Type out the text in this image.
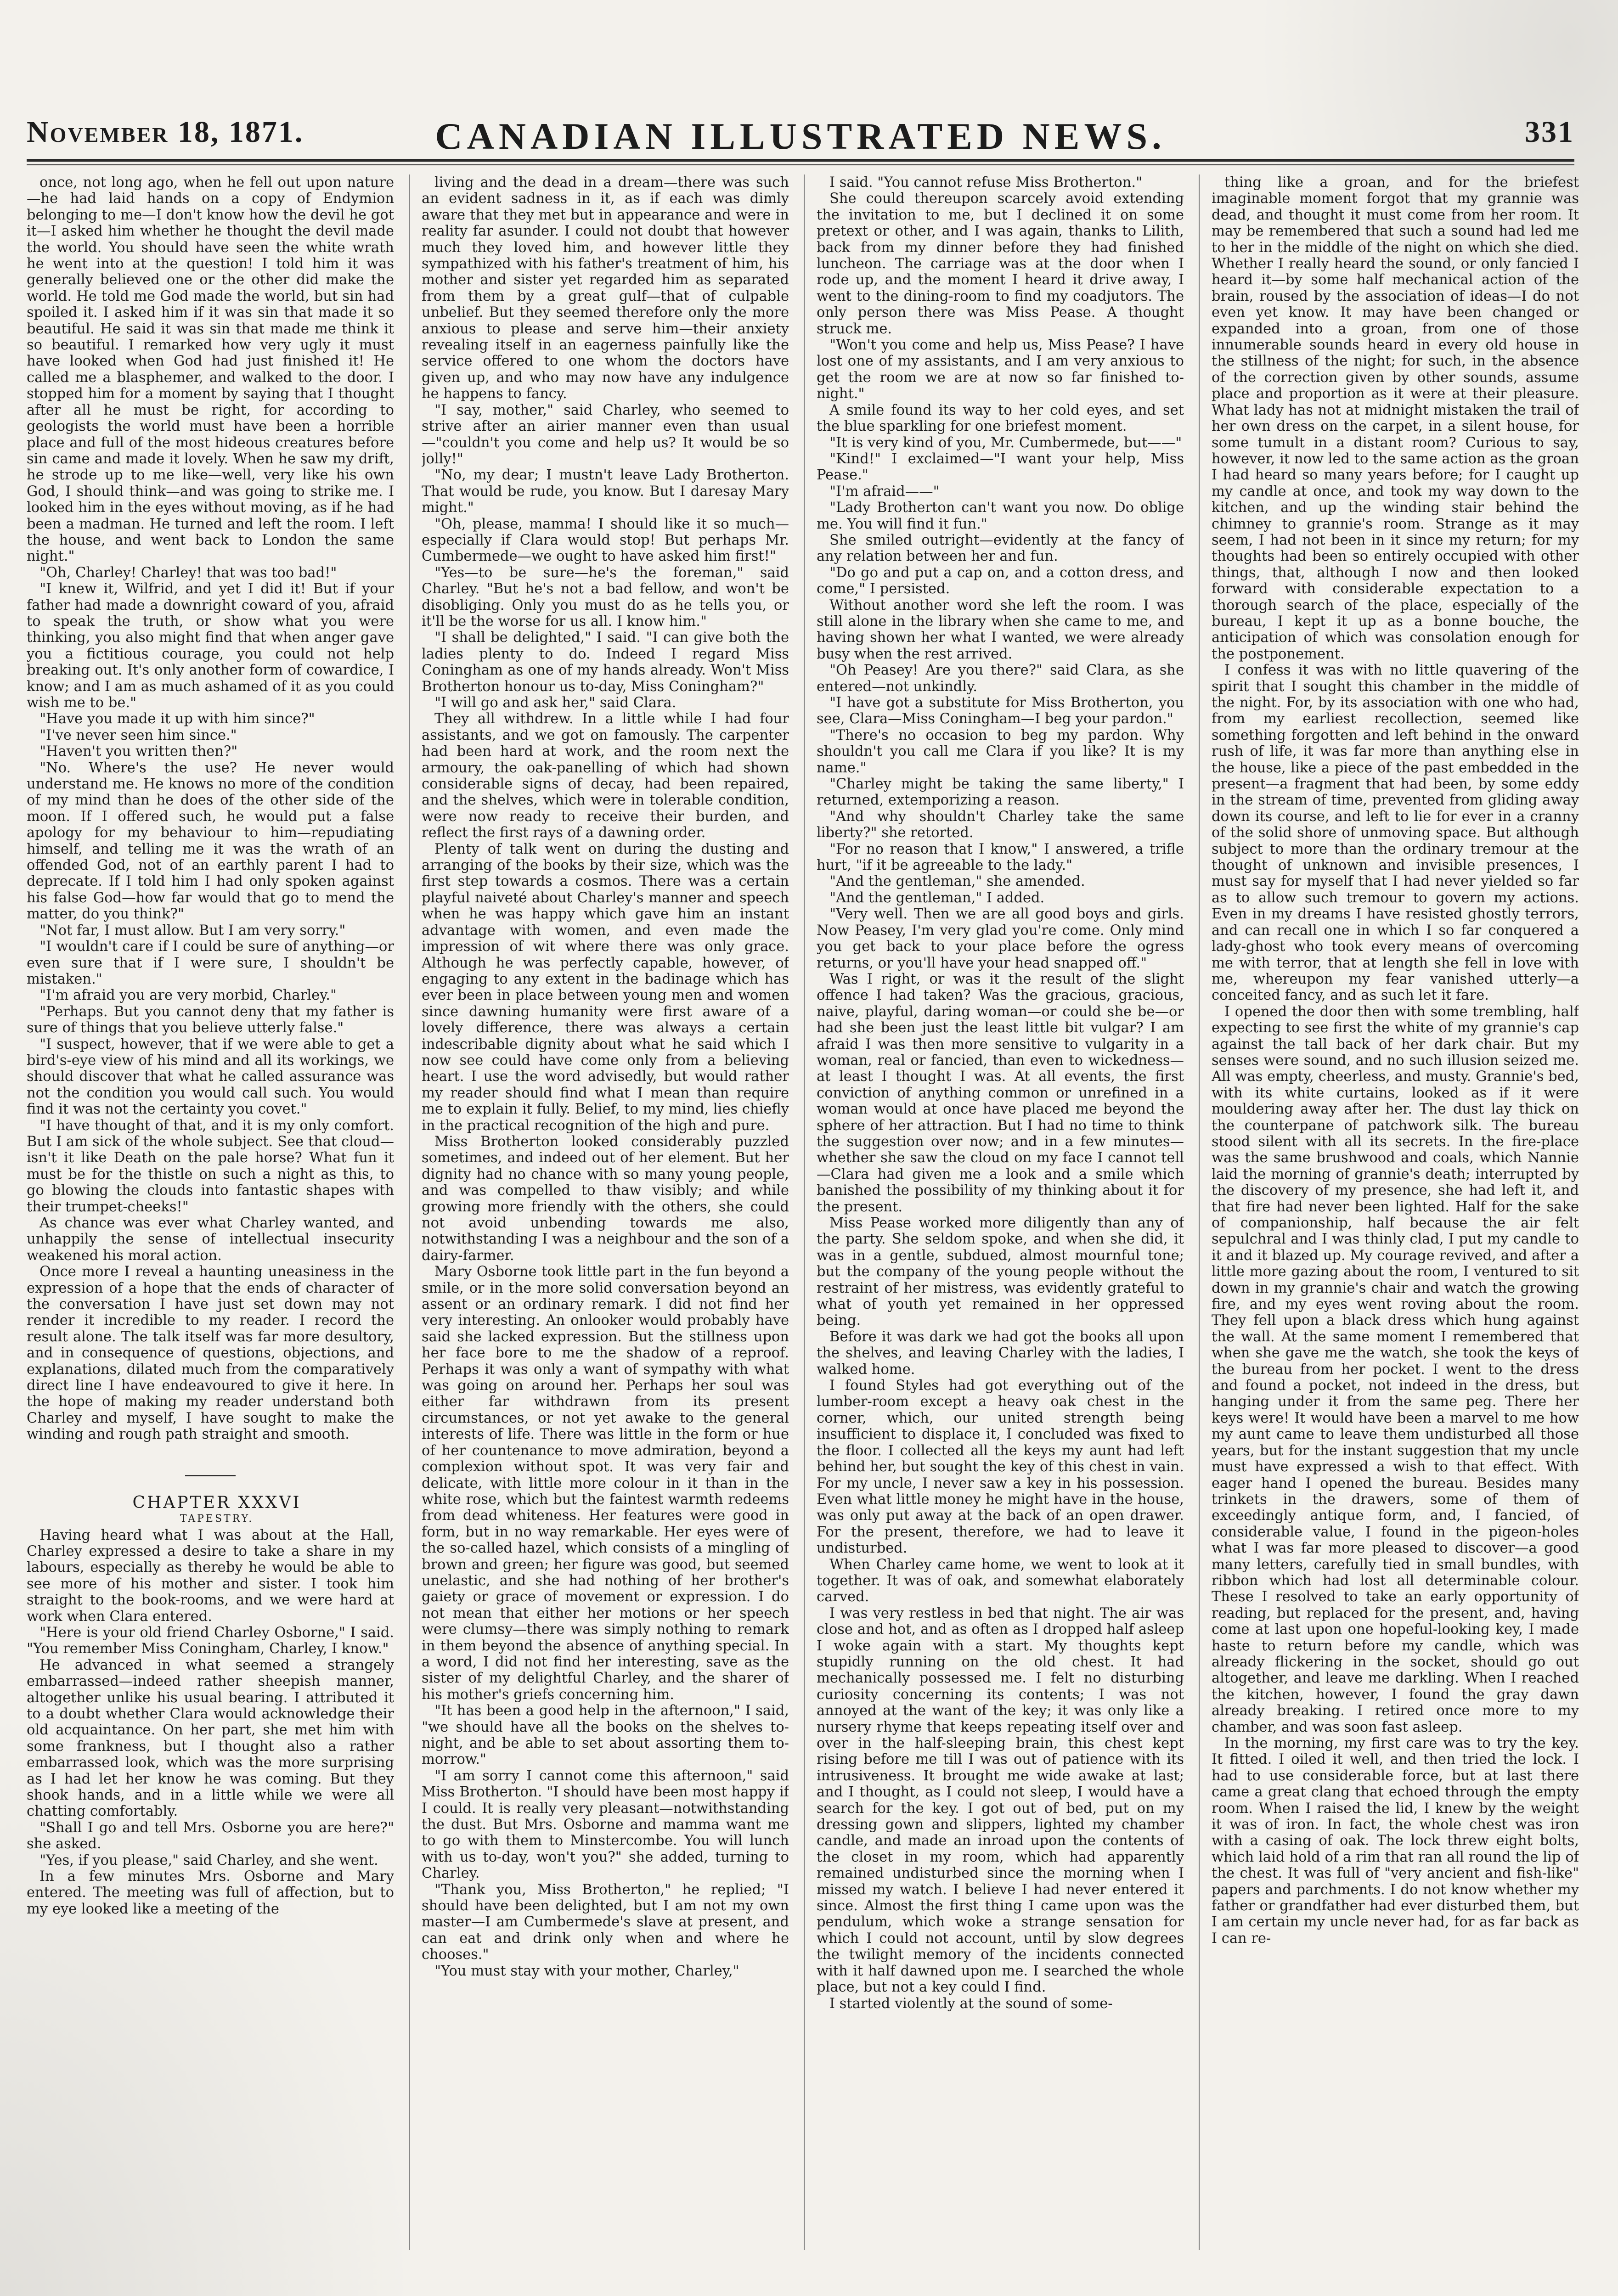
November 18, 1871.	CANADIAN ILLUSTRATED NEWS.	331

once, not long ago, when he fell out upon nature—he had laid hands on a copy of Endymion belonging to me—I don't know how the devil he got it—I asked him whether he thought the devil made the world. You should have seen the white wrath he went into at the question! I told him it was generally believed one or the other did make the world. He told me God made the world, but sin had spoiled it. I asked him if it was sin that made it so beautiful. He said it was sin that made me think it so beautiful. I remarked how very ugly it must have looked when God had just finished it! He called me a blasphemer, and walked to the door. I stopped him for a moment by saying that I thought after all he must be right, for according to geologists the world must have been a horrible place and full of the most hideous creatures before sin came and made it lovely. When he saw my drift, he strode up to me like—well, very like his own God, I should think—and was going to strike me. I looked him in the eyes without moving, as if he had been a madman. He turned and left the room. I left the house, and went back to London the same night."

"Oh, Charley! Charley! that was too bad!"

"I knew it, Wilfrid, and yet I did it! But if your father had made a downright coward of you, afraid to speak the truth, or show what you were thinking, you also might find that when anger gave you a fictitious courage, you could not help breaking out. It's only another form of cowardice, I know; and I am as much ashamed of it as you could wish me to be."

"Have you made it up with him since?"

"I've never seen him since."

"Haven't you written then?"

"No. Where's the use? He never would understand me. He knows no more of the condition of my mind than he does of the other side of the moon. If I offered such, he would put a false apology for my behaviour to him—repudiating himself, and telling me it was the wrath of an offended God, not of an earthly parent I had to deprecate. If I told him I had only spoken against his false God—how far would that go to mend the matter, do you think?"

"Not far, I must allow. But I am very sorry."

"I wouldn't care if I could be sure of anything—or even sure that if I were sure, I shouldn't be mistaken."

"I'm afraid you are very morbid, Charley."

"Perhaps. But you cannot deny that my father is sure of things that you believe utterly false."

"I suspect, however, that if we were able to get a bird's-eye view of his mind and all its workings, we should discover that what he called assurance was not the condition you would call such. You would find it was not the certainty you covet."

"I have thought of that, and it is my only comfort. But I am sick of the whole subject. See that cloud—isn't it like Death on the pale horse? What fun it must be for the thistle on such a night as this, to go blowing the clouds into fantastic shapes with their trumpet-cheeks!"

As chance was ever what Charley wanted, and unhappily the sense of intellectual insecurity weakened his moral action.

Once more I reveal a haunting uneasiness in the expression of a hope that the ends of character of the conversation I have just set down may not render it incredible to my reader. I record the result alone. The talk itself was far more desultory, and in consequence of questions, objections, and explanations, dilated much from the comparatively direct line I have endeavoured to give it here. In the hope of making my reader understand both Charley and myself, I have sought to make the winding and rough path straight and smooth.

CHAPTER XXXVI

TAPESTRY.

Having heard what I was about at the Hall, Charley expressed a desire to take a share in my labours, especially as thereby he would be able to see more of his mother and sister. I took him straight to the book-rooms, and we were hard at work when Clara entered.

"Here is your old friend Charley Osborne," I said. "You remember Miss Coningham, Charley, I know."

He advanced in what seemed a strangely embarrassed—indeed rather sheepish manner, altogether unlike his usual bearing. I attributed it to a doubt whether Clara would acknowledge their old acquaintance. On her part, she met him with some frankness, but I thought also a rather embarrassed look, which was the more surprising as I had let her know he was coming. But they shook hands, and in a little while we were all chatting comfortably.

"Shall I go and tell Mrs. Osborne you are here?" she asked.

"Yes, if you please," said Charley, and she went.

In a few minutes Mrs. Osborne and Mary entered. The meeting was full of affection, but to my eye looked like a meeting of the

living and the dead in a dream—there was such an evident sadness in it, as if each was dimly aware that they met but in appearance and were in reality far asunder. I could not doubt that however much they loved him, and however little they sympathized with his father's treatment of him, his mother and sister yet regarded him as separated from them by a great gulf—that of culpable unbelief. But they seemed therefore only the more anxious to please and serve him—their anxiety revealing itself in an eagerness painfully like the service offered to one whom the doctors have given up, and who may now have any indulgence he happens to fancy.

"I say, mother," said Charley, who seemed to strive after an airier manner even than usual—"couldn't you come and help us? It would be so jolly!"

"No, my dear; I mustn't leave Lady Brotherton. That would be rude, you know. But I daresay Mary might."

"Oh, please, mamma! I should like it so much—especially if Clara would stop! But perhaps Mr. Cumbermede—we ought to have asked him first!"

"Yes—to be sure—he's the foreman," said Charley. "But he's not a bad fellow, and won't be disobliging. Only you must do as he tells you, or it'll be the worse for us all. I know him."

"I shall be delighted," I said. "I can give both the ladies plenty to do. Indeed I regard Miss Coningham as one of my hands already. Won't Miss Brotherton honour us to-day, Miss Coningham?"

"I will go and ask her," said Clara.

They all withdrew. In a little while I had four assistants, and we got on famously. The carpenter had been hard at work, and the room next the armoury, the oak-panelling of which had shown considerable signs of decay, had been repaired, and the shelves, which were in tolerable condition, were now ready to receive their burden, and reflect the first rays of a dawning order.

Plenty of talk went on during the dusting and arranging of the books by their size, which was the first step towards a cosmos. There was a certain playful naiveté about Charley's manner and speech when he was happy which gave him an instant advantage with women, and even made the impression of wit where there was only grace. Although he was perfectly capable, however, of engaging to any extent in the badinage which has ever been in place between young men and women since dawning humanity were first aware of a lovely difference, there was always a certain indescribable dignity about what he said which I now see could have come only from a believing heart. I use the word advisedly, but would rather my reader should find what I mean than require me to explain it fully. Belief, to my mind, lies chiefly in the practical recognition of the high and pure.

Miss Brotherton looked considerably puzzled sometimes, and indeed out of her element. But her dignity had no chance with so many young people, and was compelled to thaw visibly; and while growing more friendly with the others, she could not avoid unbending towards me also, notwithstanding I was a neighbour and the son of a dairy-farmer.

Mary Osborne took little part in the fun beyond a smile, or in the more solid conversation beyond an assent or an ordinary remark. I did not find her very interesting. An onlooker would probably have said she lacked expression. But the stillness upon her face bore to me the shadow of a reproof. Perhaps it was only a want of sympathy with what was going on around her. Perhaps her soul was either far withdrawn from its present circumstances, or not yet awake to the general interests of life. There was little in the form or hue of her countenance to move admiration, beyond a complexion without spot. It was very fair and delicate, with little more colour in it than in the white rose, which but the faintest warmth redeems from dead whiteness. Her features were good in form, but in no way remarkable. Her eyes were of the so-called hazel, which consists of a mingling of brown and green; her figure was good, but seemed unelastic, and she had nothing of her brother's gaiety or grace of movement or expression. I do not mean that either her motions or her speech were clumsy—there was simply nothing to remark in them beyond the absence of anything special. In a word, I did not find her interesting, save as the sister of my delightful Charley, and the sharer of his mother's griefs concerning him.

"It has been a good help in the afternoon," I said, "we should have all the books on the shelves to-night, and be able to set about assorting them to-morrow."

"I am sorry I cannot come this afternoon," said Miss Brotherton. "I should have been most happy if I could. It is really very pleasant—notwithstanding the dust. But Mrs. Osborne and mamma want me to go with them to Minstercombe. You will lunch with us to-day, won't you?" she added, turning to Charley.

"Thank you, Miss Brotherton," he replied; "I should have been delighted, but I am not my own master—I am Cumbermede's slave at present, and can eat and drink only when and where he chooses."

"You must stay with your mother, Charley,"

I said. "You cannot refuse Miss Brotherton."

She could thereupon scarcely avoid extending the invitation to me, but I declined it on some pretext or other, and I was again, thanks to Lilith, back from my dinner before they had finished luncheon. The carriage was at the door when I rode up, and the moment I heard it drive away, I went to the dining-room to find my coadjutors. The only person there was Miss Pease. A thought struck me.

"Won't you come and help us, Miss Pease? I have lost one of my assistants, and I am very anxious to get the room we are at now so far finished to-night."

A smile found its way to her cold eyes, and set the blue sparkling for one briefest moment.

"It is very kind of you, Mr. Cumbermede, but——"

"Kind!" I exclaimed—"I want your help, Miss Pease."

"I'm afraid——"

"Lady Brotherton can't want you now. Do oblige me. You will find it fun."

She smiled outright—evidently at the fancy of any relation between her and fun.

"Do go and put a cap on, and a cotton dress, and come," I persisted.

Without another word she left the room. I was still alone in the library when she came to me, and having shown her what I wanted, we were already busy when the rest arrived.

"Oh Peasey! Are you there?" said Clara, as she entered—not unkindly.

"I have got a substitute for Miss Brotherton, you see, Clara—Miss Coningham—I beg your pardon."

"There's no occasion to beg my pardon. Why shouldn't you call me Clara if you like? It is my name."

"Charley might be taking the same liberty," I returned, extemporizing a reason.

"And why shouldn't Charley take the same liberty?" she retorted.

"For no reason that I know," I answered, a trifle hurt, "if it be agreeable to the lady."

"And the gentleman," she amended.

"And the gentleman," I added.

"Very well. Then we are all good boys and girls. Now Peasey, I'm very glad you're come. Only mind you get back to your place before the ogress returns, or you'll have your head snapped off."

Was I right, or was it the result of the slight offence I had taken? Was the gracious, gracious, naive, playful, daring woman—or could she be—or had she been just the least little bit vulgar? I am afraid I was then more sensitive to vulgarity in a woman, real or fancied, than even to wickedness—at least I thought I was. At all events, the first conviction of anything common or unrefined in a woman would at once have placed me beyond the sphere of her attraction. But I had no time to think the suggestion over now; and in a few minutes—whether she saw the cloud on my face I cannot tell—Clara had given me a look and a smile which banished the possibility of my thinking about it for the present.

Miss Pease worked more diligently than any of the party. She seldom spoke, and when she did, it was in a gentle, subdued, almost mournful tone; but the company of the young people without the restraint of her mistress, was evidently grateful to what of youth yet remained in her oppressed being.

Before it was dark we had got the books all upon the shelves, and leaving Charley with the ladies, I walked home.

I found Styles had got everything out of the lumber-room except a heavy oak chest in the corner, which, our united strength being insufficient to displace it, I concluded was fixed to the floor. I collected all the keys my aunt had left behind her, but sought the key of this chest in vain. For my uncle, I never saw a key in his possession. Even what little money he might have in the house, was only put away at the back of an open drawer. For the present, therefore, we had to leave it undisturbed.

When Charley came home, we went to look at it together. It was of oak, and somewhat elaborately carved.

I was very restless in bed that night. The air was close and hot, and as often as I dropped half asleep I woke again with a start. My thoughts kept stupidly running on the old chest. It had mechanically possessed me. I felt no disturbing curiosity concerning its contents; I was not annoyed at the want of the key; it was only like a nursery rhyme that keeps repeating itself over and over in the half-sleeping brain, this chest kept rising before me till I was out of patience with its intrusiveness. It brought me wide awake at last; and I thought, as I could not sleep, I would have a search for the key. I got out of bed, put on my dressing gown and slippers, lighted my chamber candle, and made an inroad upon the contents of the closet in my room, which had apparently remained undisturbed since the morning when I missed my watch. I believe I had never entered it since. Almost the first thing I came upon was the pendulum, which woke a strange sensation for which I could not account, until by slow degrees the twilight memory of the incidents connected with it half dawned upon me. I searched the whole place, but not a key could I find.

I started violently at the sound of some-

thing like a groan, and for the briefest imaginable moment forgot that my grannie was dead, and thought it must come from her room. It may be remembered that such a sound had led me to her in the middle of the night on which she died. Whether I really heard the sound, or only fancied I heard it—by some half mechanical action of the brain, roused by the association of ideas—I do not even yet know. It may have been changed or expanded into a groan, from one of those innumerable sounds heard in every old house in the stillness of the night; for such, in the absence of the correction given by other sounds, assume place and proportion as it were at their pleasure. What lady has not at midnight mistaken the trail of her own dress on the carpet, in a silent house, for some tumult in a distant room? Curious to say, however, it now led to the same action as the groan I had heard so many years before; for I caught up my candle at once, and took my way down to the kitchen, and up the winding stair behind the chimney to grannie's room. Strange as it may seem, I had not been in it since my return; for my thoughts had been so entirely occupied with other things, that, although I now and then looked forward with considerable expectation to a thorough search of the place, especially of the bureau, I kept it up as a bonne bouche, the anticipation of which was consolation enough for the postponement.

I confess it was with no little quavering of the spirit that I sought this chamber in the middle of the night. For, by its association with one who had, from my earliest recollection, seemed like something forgotten and left behind in the onward rush of life, it was far more than anything else in the house, like a piece of the past embedded in the present—a fragment that had been, by some eddy in the stream of time, prevented from gliding away down its course, and left to lie for ever in a cranny of the solid shore of unmoving space. But although subject to more than the ordinary tremour at the thought of unknown and invisible presences, I must say for myself that I had never yielded so far as to allow such tremour to govern my actions. Even in my dreams I have resisted ghostly terrors, and can recall one in which I so far conquered a lady-ghost who took every means of overcoming me with terror, that at length she fell in love with me, whereupon my fear vanished utterly—a conceited fancy, and as such let it fare.

I opened the door then with some trembling, half expecting to see first the white of my grannie's cap against the tall back of her dark chair. But my senses were sound, and no such illusion seized me. All was empty, cheerless, and musty. Grannie's bed, with its white curtains, looked as if it were mouldering away after her. The dust lay thick on the counterpane of patchwork silk. The bureau stood silent with all its secrets. In the fire-place was the same brushwood and coals, which Nannie laid the morning of grannie's death; interrupted by the discovery of my presence, she had left it, and that fire had never been lighted. Half for the sake of companionship, half because the air felt sepulchral and I was thinly clad, I put my candle to it and it blazed up. My courage revived, and after a little more gazing about the room, I ventured to sit down in my grannie's chair and watch the growing fire, and my eyes went roving about the room. They fell upon a black dress which hung against the wall. At the same moment I remembered that when she gave me the watch, she took the keys of the bureau from her pocket. I went to the dress and found a pocket, not indeed in the dress, but hanging under it from the same peg. There her keys were! It would have been a marvel to me how my aunt came to leave them undisturbed all those years, but for the instant suggestion that my uncle must have expressed a wish to that effect. With eager hand I opened the bureau. Besides many trinkets in the drawers, some of them of exceedingly antique form, and, I fancied, of considerable value, I found in the pigeon-holes what I was far more pleased to discover—a good many letters, carefully tied in small bundles, with ribbon which had lost all determinable colour. These I resolved to take an early opportunity of reading, but replaced for the present, and, having come at last upon one hopeful-looking key, I made haste to return before my candle, which was already flickering in the socket, should go out altogether, and leave me darkling. When I reached the kitchen, however, I found the gray dawn already breaking. I retired once more to my chamber, and was soon fast asleep.

In the morning, my first care was to try the key. It fitted. I oiled it well, and then tried the lock. I had to use considerable force, but at last there came a great clang that echoed through the empty room. When I raised the lid, I knew by the weight it was of iron. In fact, the whole chest was iron with a casing of oak. The lock threw eight bolts, which laid hold of a rim that ran all round the lip of the chest. It was full of "very ancient and fish-like" papers and parchments. I do not know whether my father or grandfather had ever disturbed them, but I am certain my uncle never had, for as far back as I can re-
